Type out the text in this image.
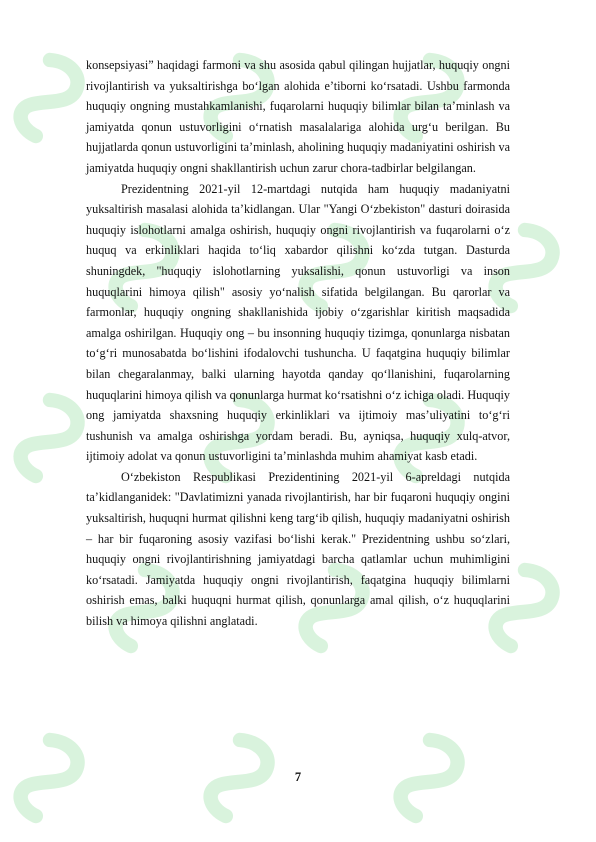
konsepsiyasi” haqidagi farmoni va shu asosida qabul qilingan hujjatlar, huquqiy ongni rivojlantirish va yuksaltirishga boʻlgan alohida e’tiborni koʻrsatadi. Ushbu farmonda huquqiy ongning mustahkamlanishi, fuqarolarni huquqiy bilimlar bilan ta’minlash va jamiyatda qonun ustuvorligini oʻrnatish masalalariga alohida urgʻu berilgan. Bu hujjatlarda qonun ustuvorligini ta’minlash, aholining huquqiy madaniyatini oshirish va jamiyatda huquqiy ongni shakllantirish uchun zarur chora-tadbirlar belgilangan.

Prezidentning 2021-yil 12-martdagi nutqida ham huquqiy madaniyatni yuksaltirish masalasi alohida ta’kidlangan. Ular "Yangi Oʻzbekiston" dasturi doirasida huquqiy islohotlarni amalga oshirish, huquqiy ongni rivojlantirish va fuqarolarni oʻz huquq va erkinliklari haqida toʻliq xabardor qilishni koʻzda tutgan. Dasturda shuningdek, "huquqiy islohotlarning yuksalishi, qonun ustuvorligi va inson huquqlarini himoya qilish" asosiy yoʻnalish sifatida belgilangan. Bu qarorlar va farmonlar, huquqiy ongning shakllanishida ijobiy oʻzgarishlar kiritish maqsadida amalga oshirilgan. Huquqiy ong – bu insonning huquqiy tizimga, qonunlarga nisbatan toʻgʻri munosabatda boʻlishini ifodalovchi tushuncha. U faqatgina huquqiy bilimlar bilan chegaralanmay, balki ularning hayotda qanday qoʻllanishini, fuqarolarning huquqlarini himoya qilish va qonunlarga hurmat koʻrsatishni oʻz ichiga oladi. Huquqiy ong jamiyatda shaxsning huquqiy erkinliklari va ijtimoiy mas’uliyatini toʻgʻri tushunish va amalga oshirishga yordam beradi. Bu, ayniqsa, huquqiy xulq-atvor, ijtimoiy adolat va qonun ustuvorligini ta’minlashda muhim ahamiyat kasb etadi.

Oʻzbekiston Respublikasi Prezidentining 2021-yil 6-apreldagi nutqida ta’kidlanganidek: "Davlatimizni yanada rivojlantirish, har bir fuqaroni huquqiy ongini yuksaltirish, huquqni hurmat qilishni keng targʻib qilish, huquqiy madaniyatni oshirish – har bir fuqaroning asosiy vazifasi boʻlishi kerak." Prezidentning ushbu soʻzlari, huquqiy ongni rivojlantirishning jamiyatdagi barcha qatlamlar uchun muhimligini koʻrsatadi. Jamiyatda huquqiy ongni rivojlantirish, faqatgina huquqiy bilimlarni oshirish emas, balki huquqni hurmat qilish, qonunlarga amal qilish, oʻz huquqlarini bilish va himoya qilishni anglatadi.

7
